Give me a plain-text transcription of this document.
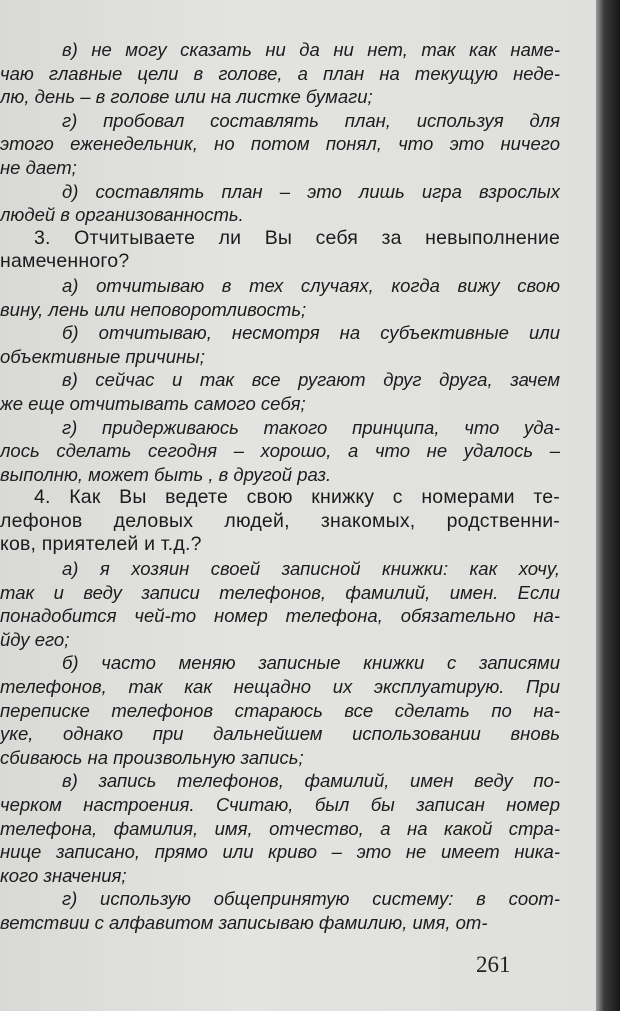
в) не могу сказать ни да ни нет, так как наме-
чаю главные цели в голове, а план на текущую неде-
лю, день – в голове или на листке бумаги;
г) пробовал составлять план, используя для
этого еженедельник, но потом понял, что это ничего
не дает;
д) составлять план – это лишь игра взрослых
людей в организованность.
3. Отчитываете ли Вы себя за невыполнение
намеченного?
а) отчитываю в тех случаях, когда вижу свою
вину, лень или неповоротливость;
б) отчитываю, несмотря на субъективные или
объективные причины;
в) сейчас и так все ругают друг друга, зачем
же еще отчитывать самого себя;
г) придерживаюсь такого принципа, что уда-
лось сделать сегодня – хорошо, а что не удалось –
выполню, может быть , в другой раз.
4. Как Вы ведете свою книжку с номерами те-
лефонов деловых людей, знакомых, родственни-
ков, приятелей и т.д.?
а) я хозяин своей записной книжки: как хочу,
так и веду записи телефонов, фамилий, имен. Если
понадобится чей-то номер телефона, обязательно на-
йду его;
б) часто меняю записные книжки с записями
телефонов, так как нещадно их эксплуатирую. При
переписке телефонов стараюсь все сделать по на-
уке, однако при дальнейшем использовании вновь
сбиваюсь на произвольную запись;
в) запись телефонов, фамилий, имен веду по-
черком настроения. Считаю, был бы записан номер
телефона, фамилия, имя, отчество, а на какой стра-
нице записано, прямо или криво – это не имеет ника-
кого значения;
г) использую общепринятую систему: в соот-
ветствии с алфавитом записываю фамилию, имя, от-
261
